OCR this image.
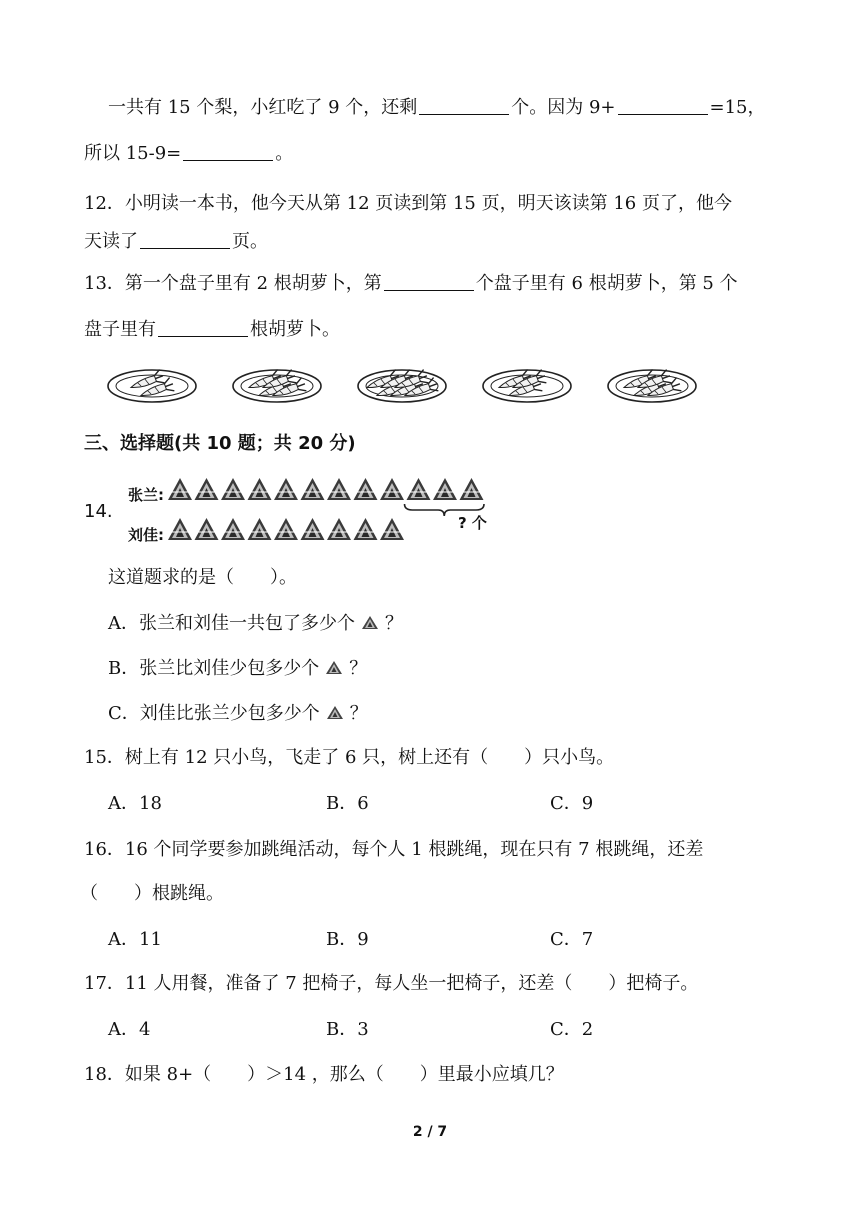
一共有 15 个梨，小红吃了 9 个，还剩	个。因为 9+	=15，
所以 15-9=	。
12．小明读一本书，他今天从第 12 页读到第 15 页，明天该读第 16 页了，他今
天读了	页。
13．第一个盘子里有 2 根胡萝卜，第	个盘子里有 6 根胡萝卜，第 5 个
盘子里有	根胡萝卜。
三、选择题(共 10 题；共 20 分)
14.
张兰:
刘佳:
? 个
这道题求的是（　　）。
A．张兰和刘佳一共包了多少个 ？
B．张兰比刘佳少包多少个 ？
C．刘佳比张兰少包多少个 ？
15．树上有 12 只小鸟，飞走了 6 只，树上还有（　　）只小鸟。
A．18	B．6	C．9
16．16 个同学要参加跳绳活动，每个人 1 根跳绳，现在只有 7 根跳绳，还差
（　　）根跳绳。
A．11	B．9	C．7
17．11 人用餐，准备了 7 把椅子，每人坐一把椅子，还差（　　）把椅子。
A．4	B．3	C．2
18．如果 8+（　　）＞14 ，那么（　　）里最小应填几？
2 / 7
